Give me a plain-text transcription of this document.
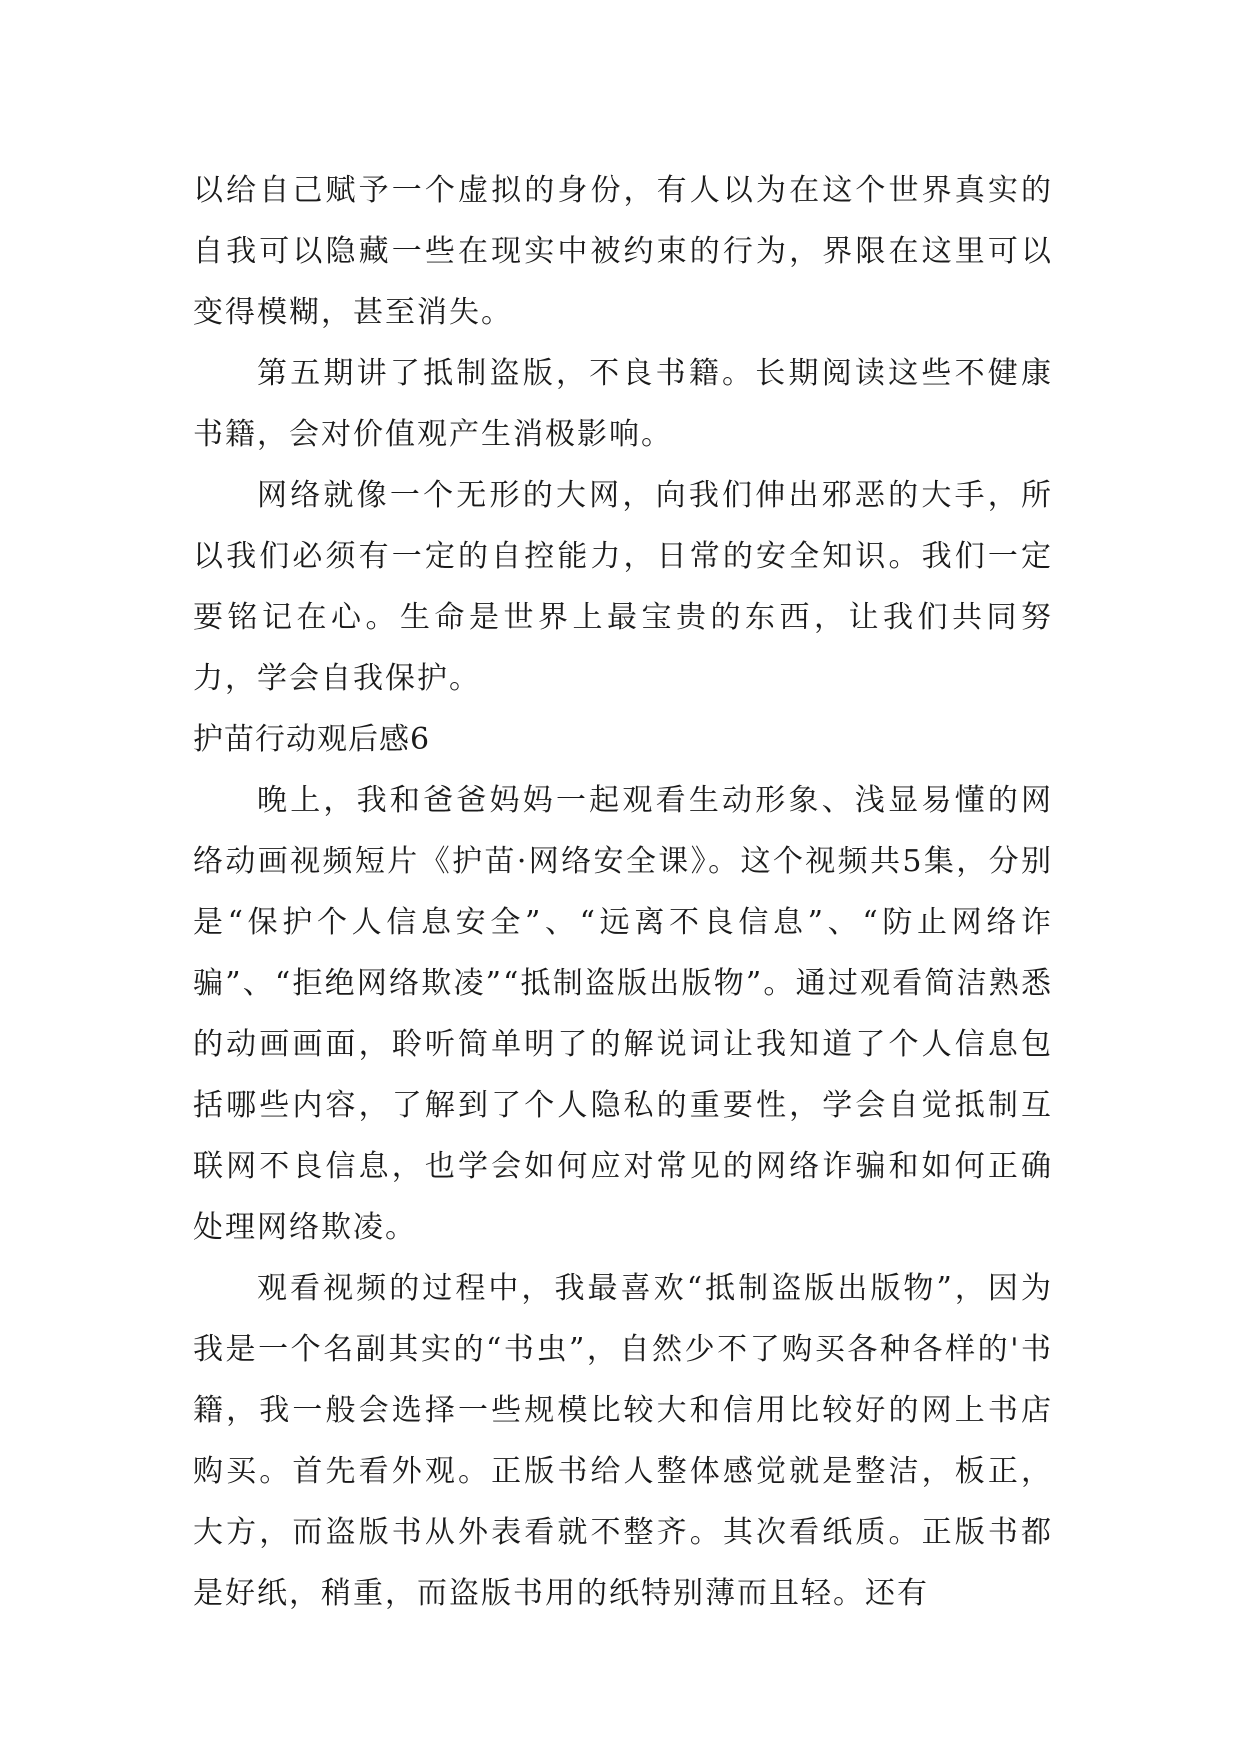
以给自己赋予一个虚拟的身份，有人以为在这个世界真实的自我可以隐藏一些在现实中被约束的行为，界限在这里可以变得模糊，甚至消失。

第五期讲了抵制盗版，不良书籍。长期阅读这些不健康书籍，会对价值观产生消极影响。

网络就像一个无形的大网，向我们伸出邪恶的大手，所以我们必须有一定的自控能力，日常的安全知识。我们一定要铭记在心。生命是世界上最宝贵的东西，让我们共同努力，学会自我保护。

护苗行动观后感6

晚上，我和爸爸妈妈一起观看生动形象、浅显易懂的网络动画视频短片《护苗·网络安全课》。这个视频共5集，分别是“保护个人信息安全”、“远离不良信息”、“防止网络诈骗”、“拒绝网络欺凌”“抵制盗版出版物”。通过观看简洁熟悉的动画画面，聆听简单明了的解说词让我知道了个人信息包括哪些内容，了解到了个人隐私的重要性，学会自觉抵制互联网不良信息，也学会如何应对常见的网络诈骗和如何正确处理网络欺凌。

观看视频的过程中，我最喜欢“抵制盗版出版物”，因为我是一个名副其实的“书虫”，自然少不了购买各种各样的'书籍，我一般会选择一些规模比较大和信用比较好的网上书店购买。首先看外观。正版书给人整体感觉就是整洁，板正，大方，而盗版书从外表看就不整齐。其次看纸质。正版书都是好纸，稍重，而盗版书用的纸特别薄而且轻。还有
